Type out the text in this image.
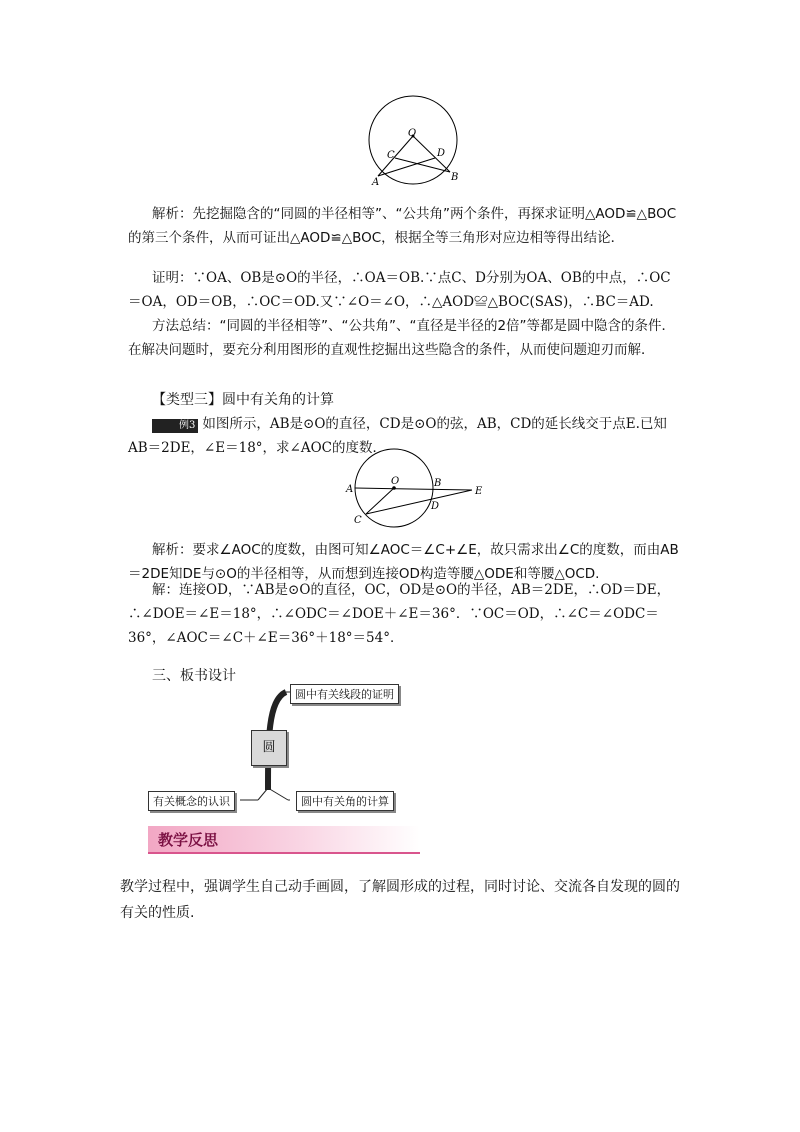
O
C	D
A	B
解析：先挖掘隐含的“同圆的半径相等”、“公共角”两个条件，再探求证明△AOD≌△BOC的第三个条件，从而可证出△AOD≌△BOC，根据全等三角形对应边相等得出结论．
证明：∵OA、OB是⊙O的半径，∴OA＝OB.∵点C、D分别为OA、OB的中点，∴OC＝OA，OD＝OB，∴OC＝OD.又∵∠O＝∠O，∴△AOD≌△BOC(SAS)，∴BC＝AD.
方法总结：“同圆的半径相等”、“公共角”、“直径是半径的2倍”等都是圆中隐含的条件．在解决问题时，要充分利用图形的直观性挖掘出这些隐含的条件，从而使问题迎刃而解．
【类型三】圆中有关角的计算
例3 如图所示，AB是⊙O的直径，CD是⊙O的弦，AB，CD的延长线交于点E.已知AB＝2DE，∠E＝18°，求∠AOC的度数．
A
O	B
E
D
C
解析：要求∠AOC的度数，由图可知∠AOC＝∠C+∠E，故只需求出∠C的度数，而由AB＝2DE知DE与⊙O的半径相等，从而想到连接OD构造等腰△ODE和等腰△OCD.
解：连接OD，∵AB是⊙O的直径，OC，OD是⊙O的半径，AB＝2DE，∴OD＝DE，∴∠DOE＝∠E＝18°，∴∠ODC＝∠DOE＋∠E＝36°．∵OC＝OD，∴∠C＝∠ODC＝36°，∠AOC＝∠C＋∠E＝36°＋18°＝54°．
三、板书设计
圆
圆中有关线段的证明
有关概念的认识	圆中有关角的计算
教学反思
教学过程中，强调学生自己动手画圆，了解圆形成的过程，同时讨论、交流各自发现的圆的有关的性质.
